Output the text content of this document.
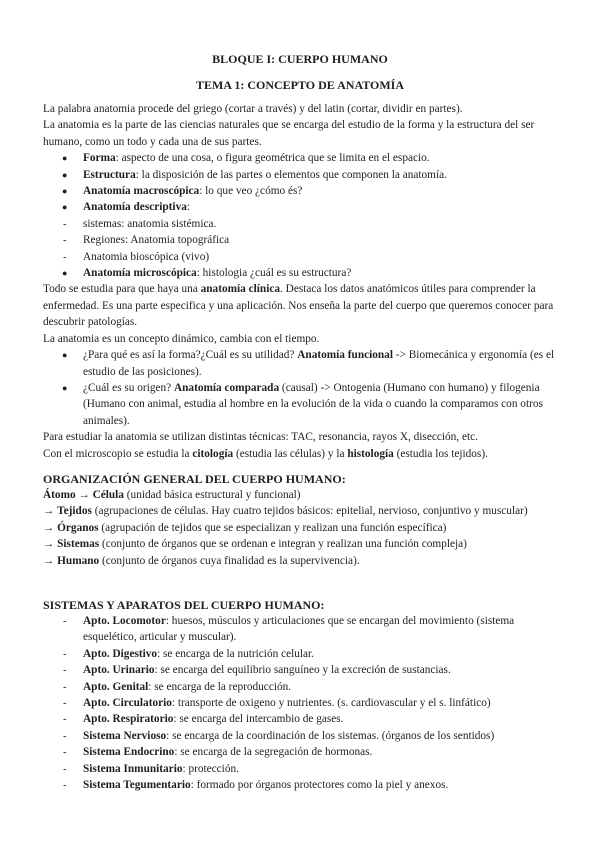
BLOQUE I: CUERPO HUMANO
TEMA 1: CONCEPTO DE ANATOMÍA

La palabra anatomia procede del griego (cortar a través) y del latin (cortar, dividir en partes).

La anatomia es la parte de las ciencias naturales que se encarga del estudio de la forma y la estructura del ser humano, como un todo y cada una de sus partes.

● Forma: aspecto de una cosa, o figura geométrica que se limita en el espacio.
● Estructura: la disposición de las partes o elementos que componen la anatomía.
● Anatomía macroscópica: lo que veo ¿cómo és?
● Anatomía descriptiva:
- sistemas: anatomia sistémica.
- Regiones: Anatomia topográfica
- Anatomia bioscópica (vivo)
● Anatomía microscópica: histologia ¿cuál es su estructura?

Todo se estudia para que haya una anatomía clínica. Destaca los datos anatómicos útiles para comprender la enfermedad. Es una parte especifica y una aplicación. Nos enseña la parte del cuerpo que queremos conocer para descubrir patologías.

La anatomia es un concepto dinámico, cambia con el tiempo.

● ¿Para qué es así la forma?¿Cuál es su utilidad? Anatomía funcional -> Biomecánica y ergonomía (es el estudio de las posiciones).
● ¿Cuál es su origen? Anatomía comparada (causal) -> Ontogenia (Humano con humano) y filogenia (Humano con animal, estudia al hombre en la evolución de la vida o cuando la comparamos con otros animales).

Para estudiar la anatomia se utilizan distintas técnicas: TAC, resonancia, rayos X, disección, etc.

Con el microscopio se estudia la citología (estudia las células) y la histología (estudia los tejidos).

ORGANIZACIÓN GENERAL DEL CUERPO HUMANO:

Átomo → Célula (unidad básica estructural y funcional)

→ Tejidos (agrupaciones de células. Hay cuatro tejidos básicos: epitelial, nervioso, conjuntivo y muscular)

→ Órganos (agrupación de tejidos que se especializan y realizan una función específica)

→ Sistemas (conjunto de órganos que se ordenan e integran y realizan una función compleja)

→ Humano (conjunto de órganos cuya finalidad es la supervivencia).

SISTEMAS Y APARATOS DEL CUERPO HUMANO:
- Apto. Locomotor: huesos, músculos y articulaciones que se encargan del movimiento (sistema esquelético, articular y muscular).
- Apto. Digestivo: se encarga de la nutrición celular.
- Apto. Urinario: se encarga del equilibrio sanguíneo y la excreción de sustancias.
- Apto. Genital: se encarga de la reproducción.
- Apto. Circulatorio: transporte de oxigeno y nutrientes. (s. cardiovascular y el s. linfático)
- Apto. Respiratorio: se encarga del intercambio de gases.
- Sistema Nervioso: se encarga de la coordinación de los sistemas. (órganos de los sentidos)
- Sistema Endocrino: se encarga de la segregación de hormonas.
- Sistema Inmunitario: protección.
- Sistema Tegumentario: formado por órganos protectores como la piel y anexos.
